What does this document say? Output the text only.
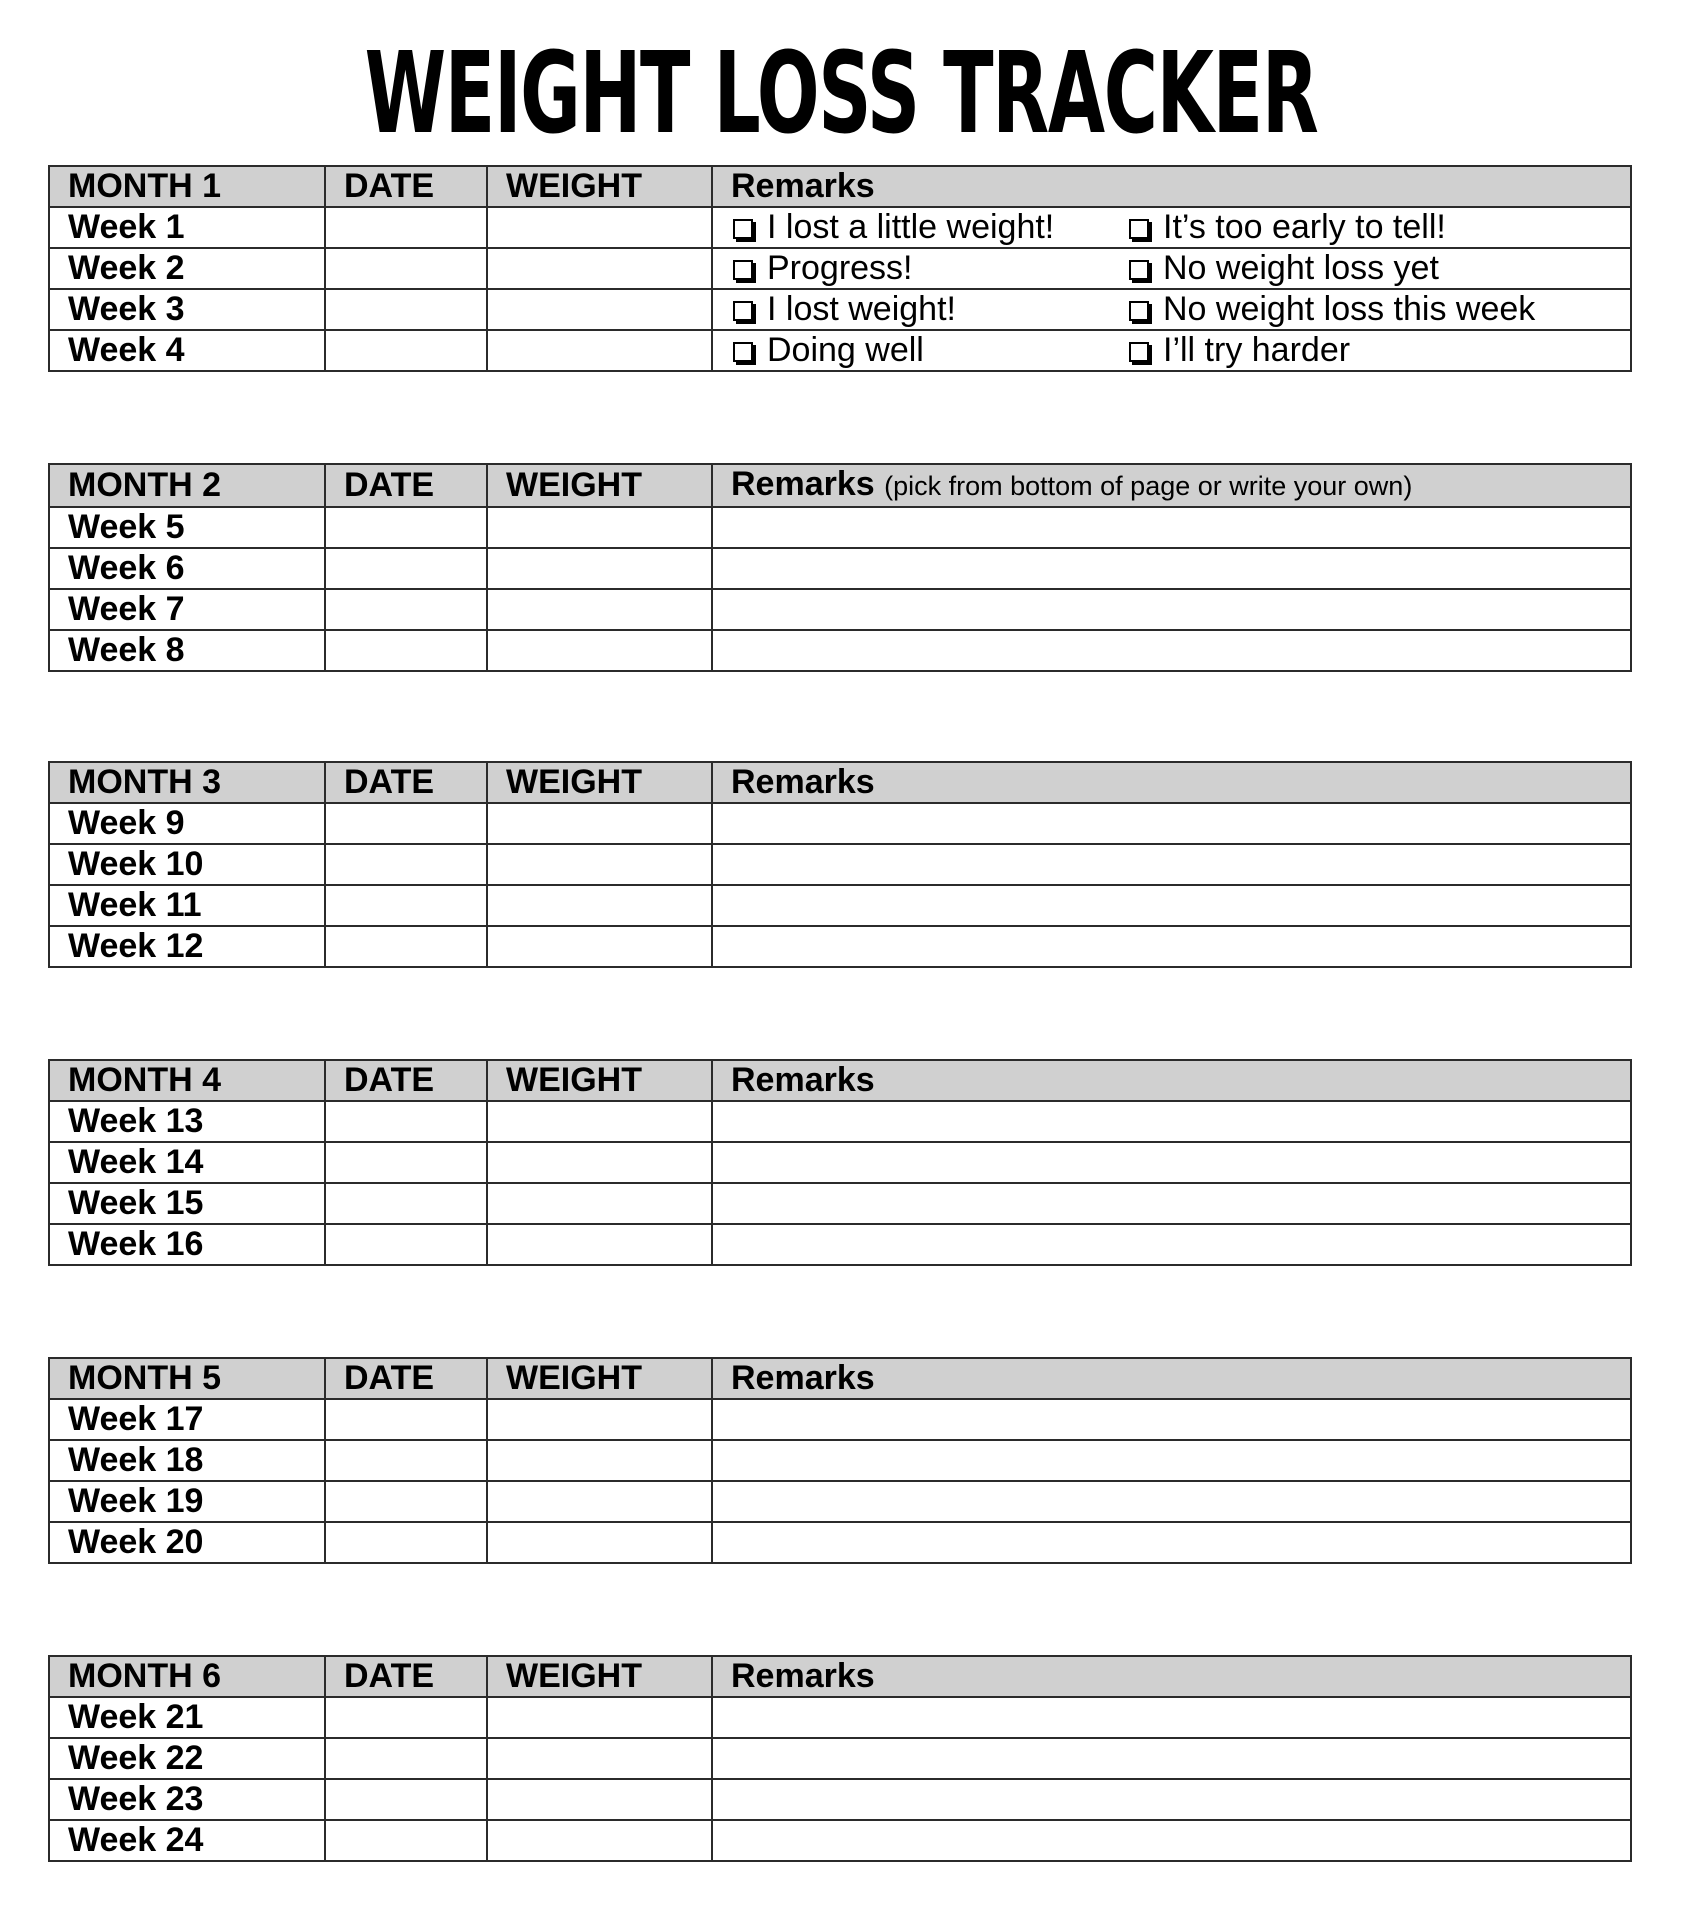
WEIGHT LOSS TRACKER
MONTH 1	DATE	WEIGHT	Remarks
Week 1			I lost a little weight! It’s too early to tell!
Week 2			Progress! No weight loss yet
Week 3			I lost weight! No weight loss this week
Week 4			Doing well I’ll try harder
MONTH 2	DATE	WEIGHT	Remarks (pick from bottom of page or write your own)
Week 5			
Week 6			
Week 7			
Week 8			
MONTH 3	DATE	WEIGHT	Remarks
Week 9			
Week 10			
Week 11			
Week 12			
MONTH 4	DATE	WEIGHT	Remarks
Week 13			
Week 14			
Week 15			
Week 16			
MONTH 5	DATE	WEIGHT	Remarks
Week 17			
Week 18			
Week 19			
Week 20			
MONTH 6	DATE	WEIGHT	Remarks
Week 21			
Week 22			
Week 23			
Week 24			
